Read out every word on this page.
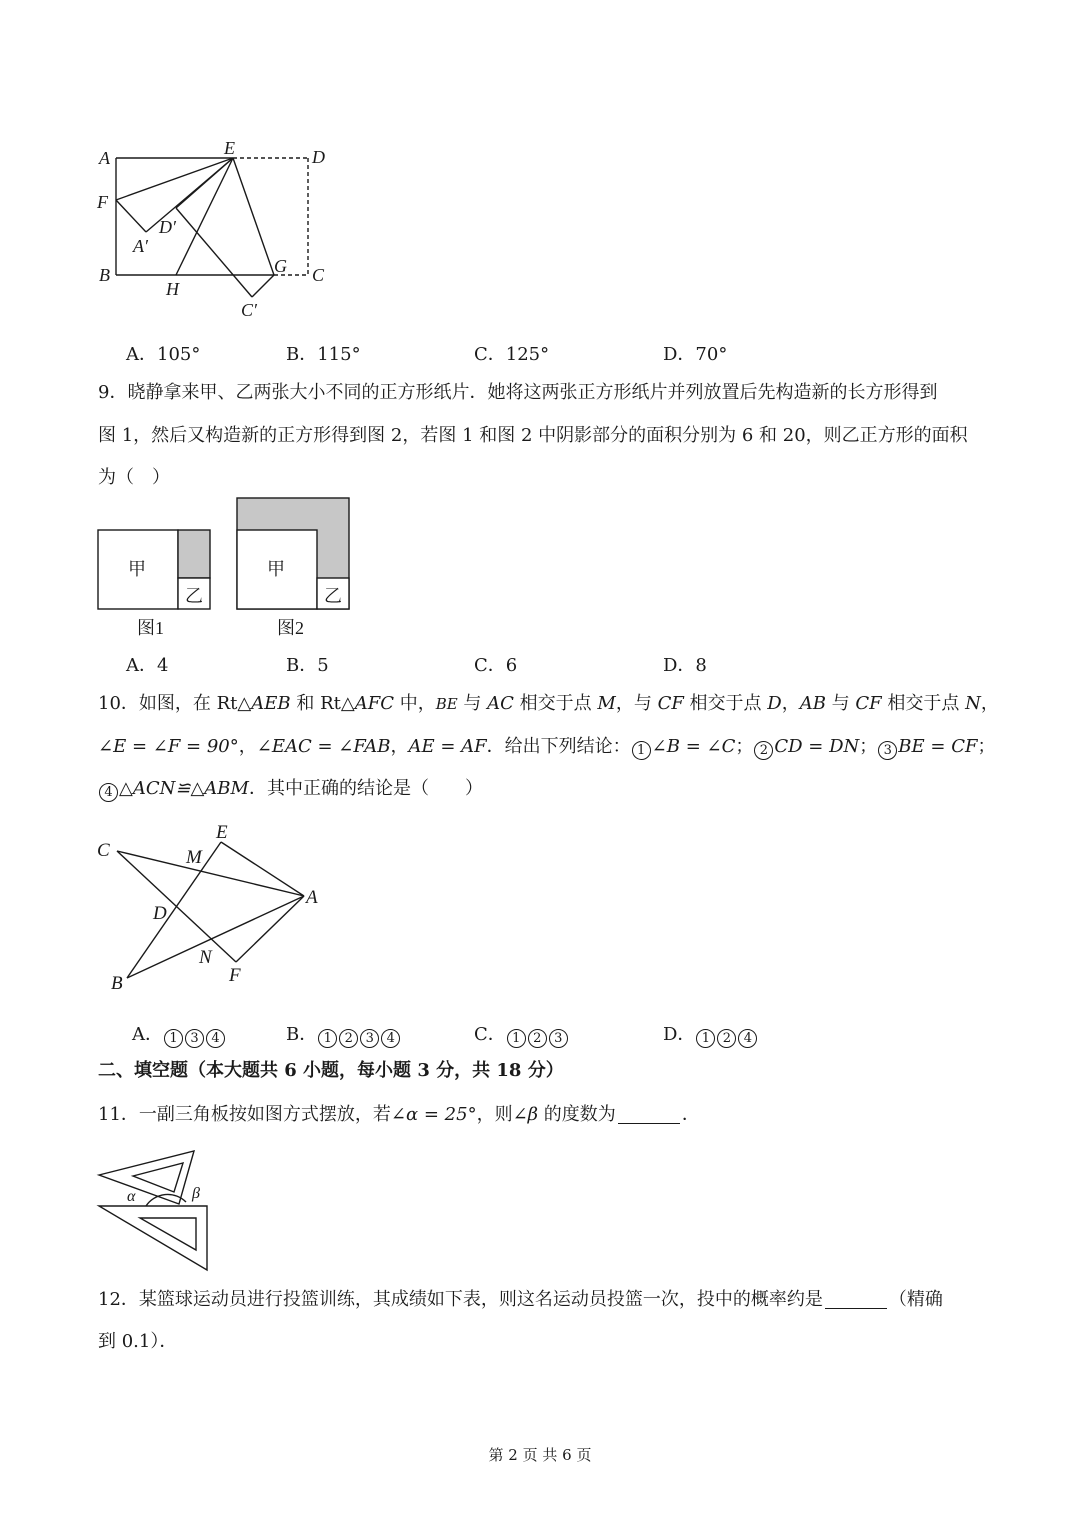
A	E	D
F
D′
A′
B
H
G C
C′
A．105°	B．115°	C．125°	D．70°
9．晓静拿来甲、乙两张大小不同的正方形纸片．她将这两张正方形纸片并列放置后先构造新的长方形得到
图 1，然后又构造新的正方形得到图 2，若图 1 和图 2 中阴影部分的面积分别为 6 和 20，则乙正方形的面积
为（　）
甲
乙
图1
甲
乙
图2
A．4	B．5	C．6	D．8
10．如图，在 Rt△AEB 和 Rt△AFC 中，BE 与 AC 相交于点 M，与 CF 相交于点 D，AB 与 CF 相交于点 N，
∠E = ∠F = 90°，∠EAC = ∠FAB，AE = AF．给出下列结论： 1 ∠B = ∠C； 2 CD = DN； 3 BE = CF；
4 △ACN≌△ABM．其中正确的结论是（　　）
C
E
M
A
D
N
B	F
A． 1 3 4	B． 1 2 3 4	C． 1 2 3	D． 1 2 4
二、填空题（本大题共 6 小题，每小题 3 分，共 18 分）
11．一副三角板按如图方式摆放，若∠α = 25°，则∠β 的度数为	．
α	β
12．某篮球运动员进行投篮训练，其成绩如下表，则这名运动员投篮一次，投中的概率约是	（精确
到 0.1）．
第 2 页 共 6 页
